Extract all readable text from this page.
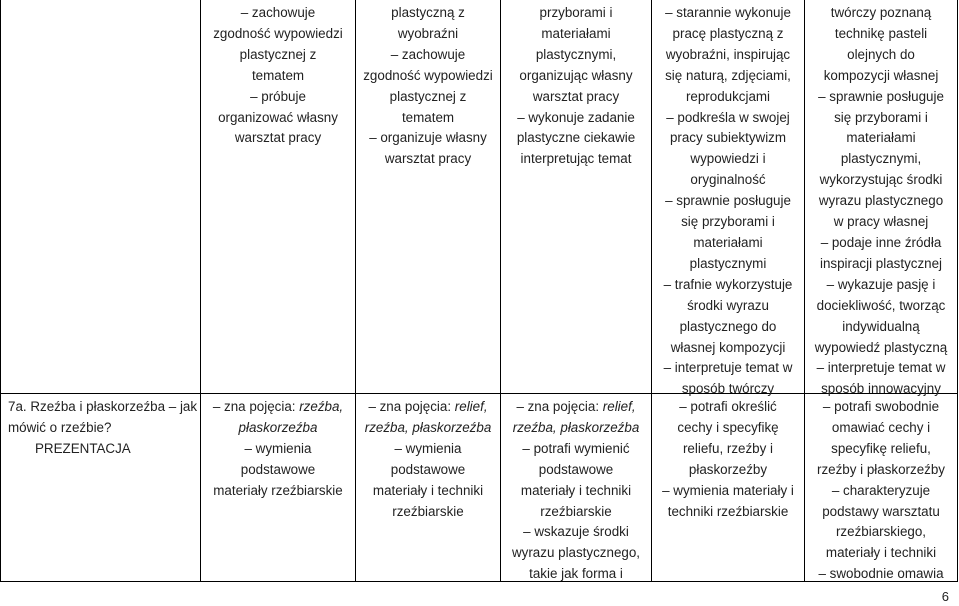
– zachowuje
zgodność wypowiedzi
plastycznej z
tematem
– próbuje
organizować własny
warsztat pracy
plastyczną z
wyobraźni
– zachowuje
zgodność wypowiedzi
plastycznej z
tematem
– organizuje własny
warsztat pracy
przyborami i
materiałami
plastycznymi,
organizując własny
warsztat pracy
– wykonuje zadanie
plastyczne ciekawie
interpretując temat
– starannie wykonuje
pracę plastyczną z
wyobraźni, inspirując
się naturą, zdjęciami,
reprodukcjami
– podkreśla w swojej
pracy subiektywizm
wypowiedzi i
oryginalność
– sprawnie posługuje
się przyborami i
materiałami
plastycznymi
– trafnie wykorzystuje
środki wyrazu
plastycznego do
własnej kompozycji
– interpretuje temat w
sposób twórczy
twórczy poznaną
technikę pasteli
olejnych do
kompozycji własnej
– sprawnie posługuje
się przyborami i
materiałami
plastycznymi,
wykorzystując środki
wyrazu plastycznego
w pracy własnej
– podaje inne źródła
inspiracji plastycznej
– wykazuje pasję i
dociekliwość, tworząc
indywidualną
wypowiedź plastyczną
– interpretuje temat w
sposób innowacyjny
7a. Rzeźba i płaskorzeźba – jak
mówić o rzeźbie?
PREZENTACJA
– zna pojęcia: rzeźba,
płaskorzeźba
– wymienia
podstawowe
materiały rzeźbiarskie
– zna pojęcia: relief,
rzeźba, płaskorzeźba
– wymienia
podstawowe
materiały i techniki
rzeźbiarskie
– zna pojęcia: relief,
rzeźba, płaskorzeźba
– potrafi wymienić
podstawowe
materiały i techniki
rzeźbiarskie
– wskazuje środki
wyrazu plastycznego,
takie jak forma i
– potrafi określić
cechy i specyfikę
reliefu, rzeźby i
płaskorzeźby
– wymienia materiały i
techniki rzeźbiarskie
– potrafi swobodnie
omawiać cechy i
specyfikę reliefu,
rzeźby i płaskorzeźby
– charakteryzuje
podstawy warsztatu
rzeźbiarskiego,
materiały i techniki
– swobodnie omawia
6
